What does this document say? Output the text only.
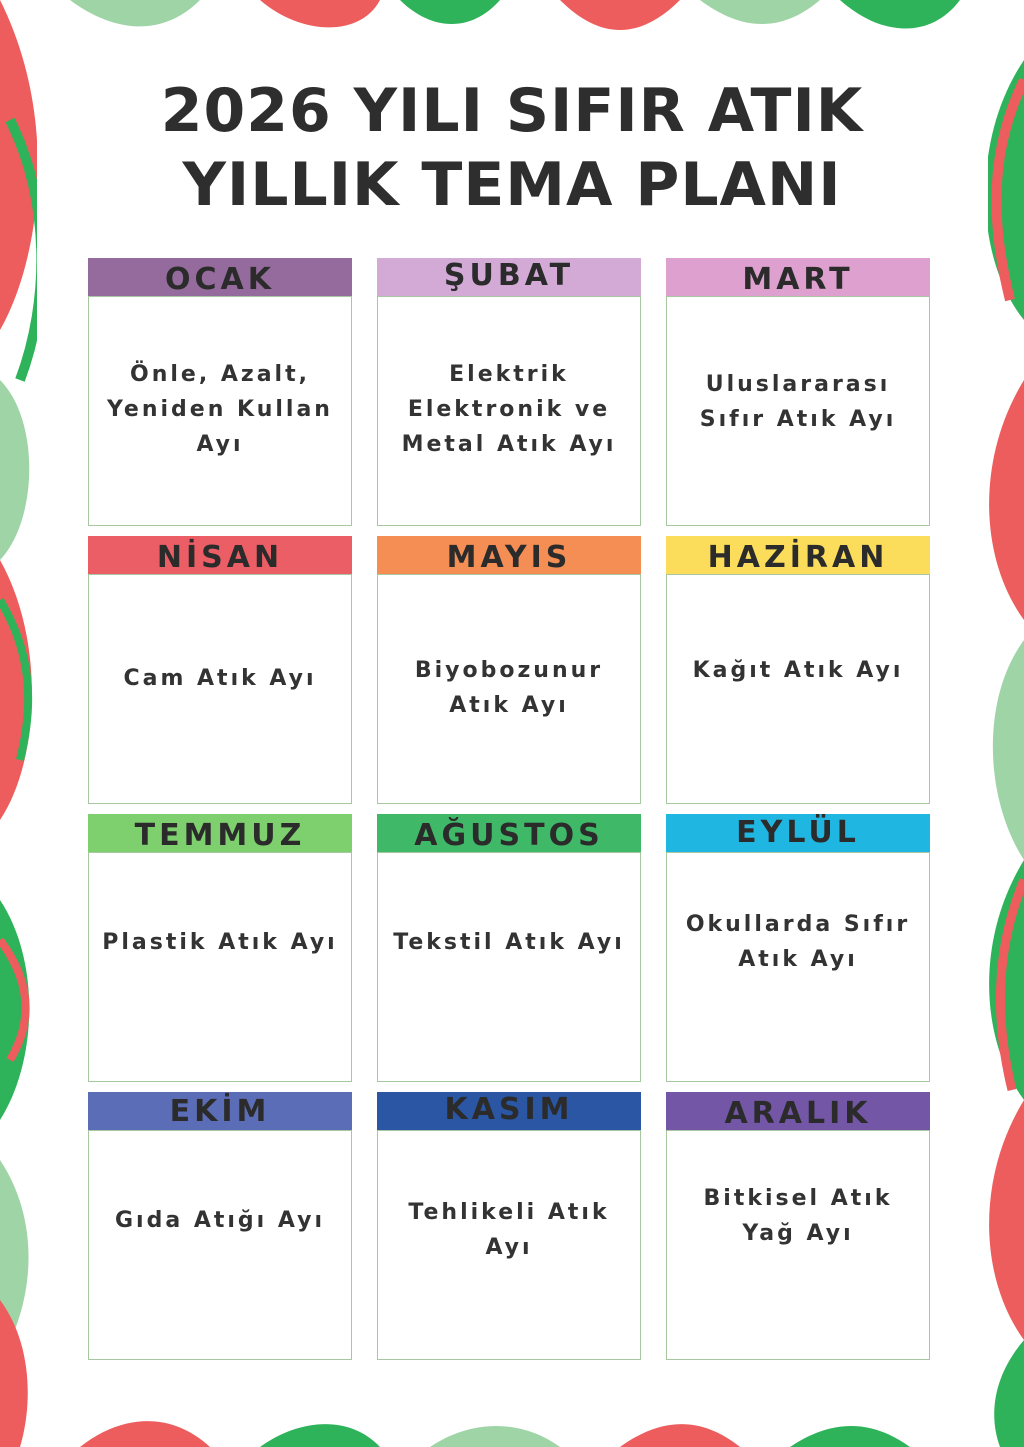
2026 YILI SIFIR ATIK
YILLIK TEMA PLANI
OCAK
Önle, Azalt,
Yeniden Kullan
Ayı
ŞUBAT
Elektrik
Elektronik ve
Metal Atık Ayı
MART
Uluslararası
Sıfır Atık Ayı
NİSAN
Cam Atık Ayı
MAYIS
Biyobozunur
Atık Ayı
HAZİRAN
Kağıt Atık Ayı
TEMMUZ
Plastik Atık Ayı
AĞUSTOS
Tekstil Atık Ayı
EYLÜL
Okullarda Sıfır
Atık Ayı
EKİM
Gıda Atığı Ayı
KASIM
Tehlikeli Atık
Ayı
ARALIK
Bitkisel Atık
Yağ Ayı
